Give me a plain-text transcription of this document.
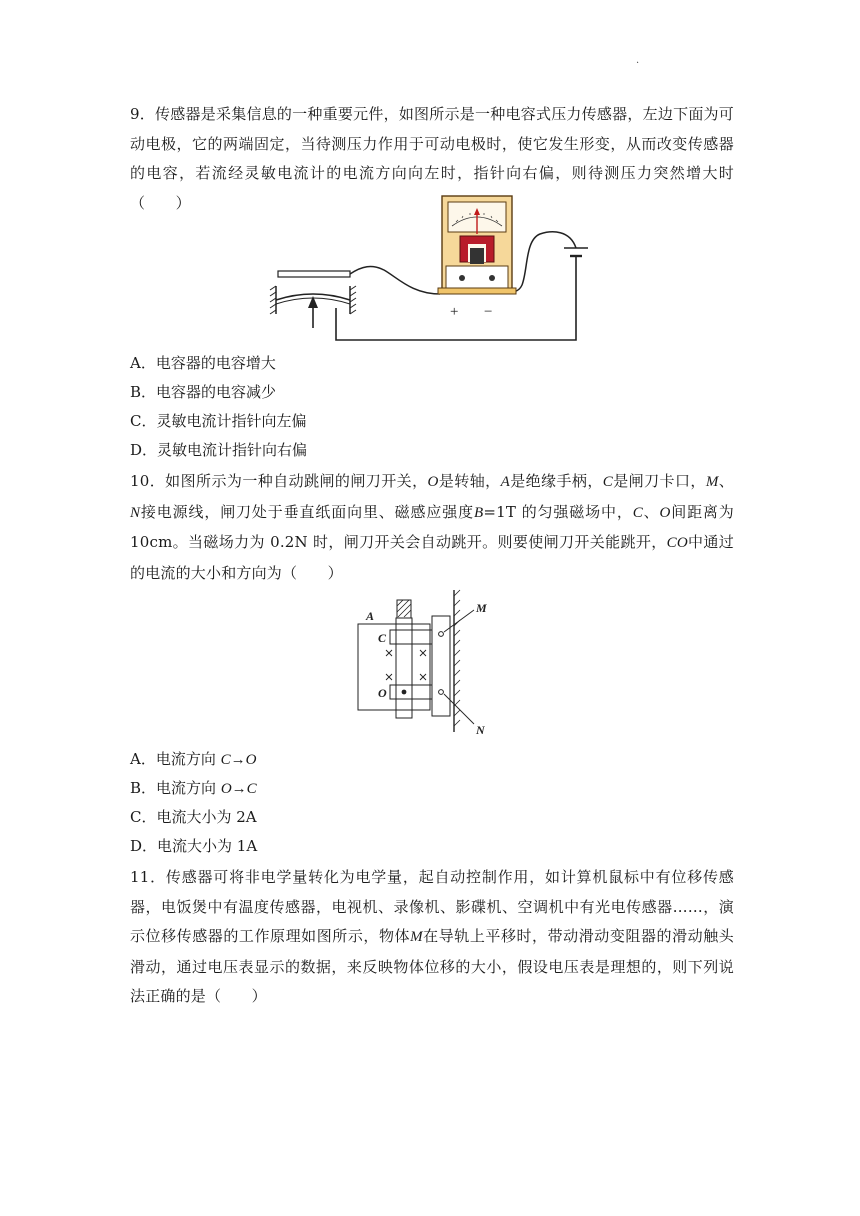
·
9．传感器是采集信息的一种重要元件，如图所示是一种电容式压力传感器，左边下面为可动电极，它的两端固定，当待测压力作用于可动电极时，使它发生形变，从而改变传感器的电容，若流经灵敏电流计的电流方向向左时，指针向右偏，则待测压力突然增大时（　　）
+ −
A．电容器的电容增大
B．电容器的电容减少
C．灵敏电流计指针向左偏
D．灵敏电流计指针向右偏
10．如图所示为一种自动跳闸的闸刀开关，O是转轴，A是绝缘手柄，C是闸刀卡口，M、N接电源线，闸刀处于垂直纸面向里、磁感应强度B=1T 的匀强磁场中，C、O间距离为 10cm。当磁场力为 0.2N 时，闸刀开关会自动跳开。则要使闸刀开关能跳开，CO中通过的电流的大小和方向为（　　）
A
C
O
M
N
A．电流方向 C→O
B．电流方向 O→C
C．电流大小为 2A
D．电流大小为 1A
11．传感器可将非电学量转化为电学量，起自动控制作用，如计算机鼠标中有位移传感器，电饭煲中有温度传感器，电视机、录像机、影碟机、空调机中有光电传感器……，演示位移传感器的工作原理如图所示，物体M在导轨上平移时，带动滑动变阻器的滑动触头滑动，通过电压表显示的数据，来反映物体位移的大小，假设电压表是理想的，则下列说法正确的是（　　）
